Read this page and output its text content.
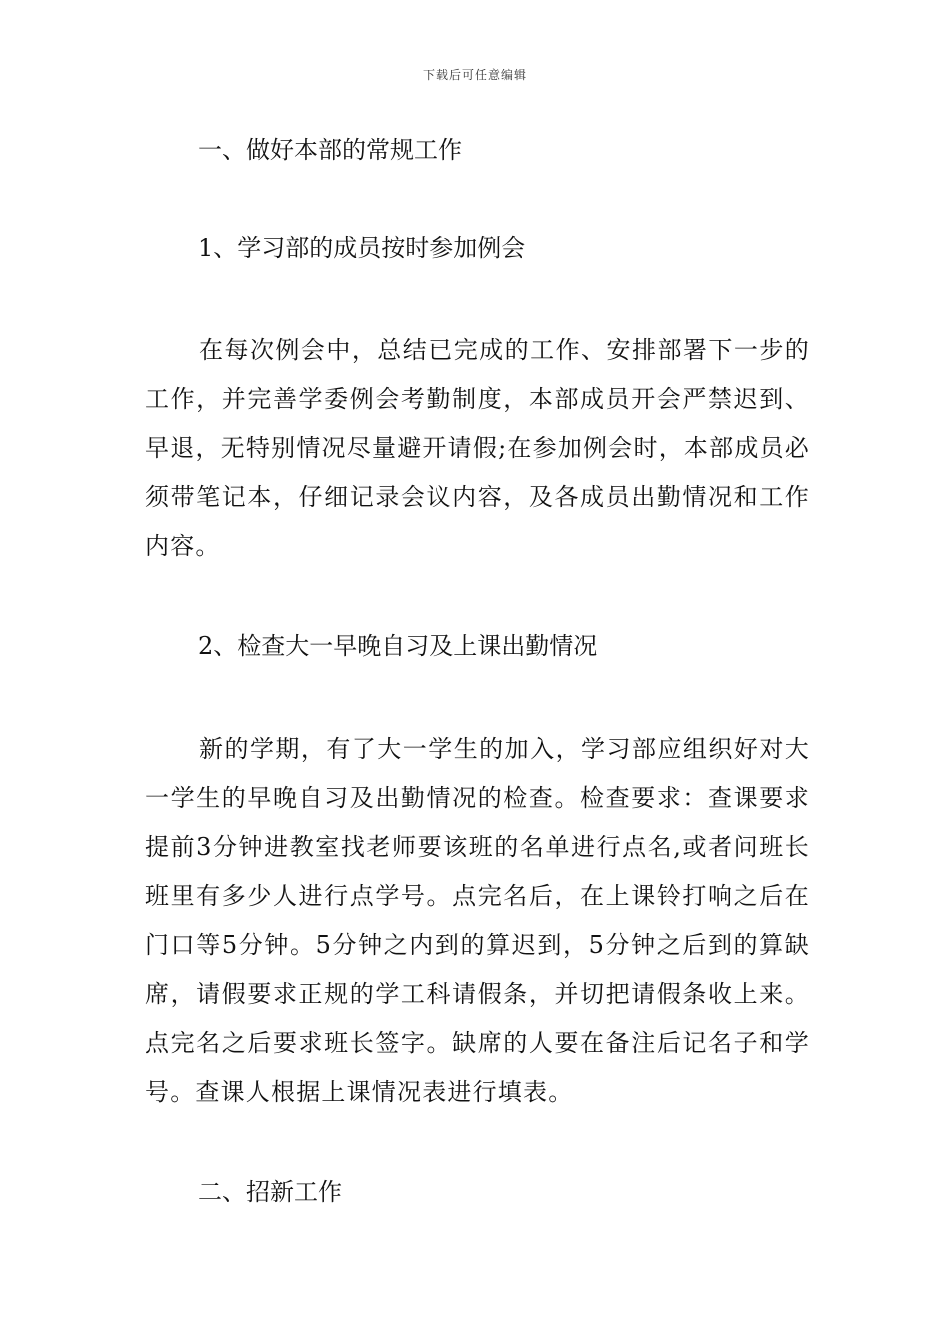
下载后可任意编辑
一、做好本部的常规工作
1、学习部的成员按时参加例会
在每次例会中，总结已完成的工作、安排部署下一步的工作，并完善学委例会考勤制度，本部成员开会严禁迟到、早退，无特别情况尽量避开请假;在参加例会时，本部成员必须带笔记本，仔细记录会议内容，及各成员出勤情况和工作内容。
2、检查大一早晚自习及上课出勤情况
新的学期，有了大一学生的加入，学习部应组织好对大一学生的早晚自习及出勤情况的检查。检查要求：查课要求提前3分钟进教室找老师要该班的名单进行点名,或者问班长班里有多少人进行点学号。点完名后，在上课铃打响之后在门口等5分钟。5分钟之内到的算迟到，5分钟之后到的算缺席，请假要求正规的学工科请假条，并切把请假条收上来。点完名之后要求班长签字。缺席的人要在备注后记名子和学号。查课人根据上课情况表进行填表。
二、招新工作
